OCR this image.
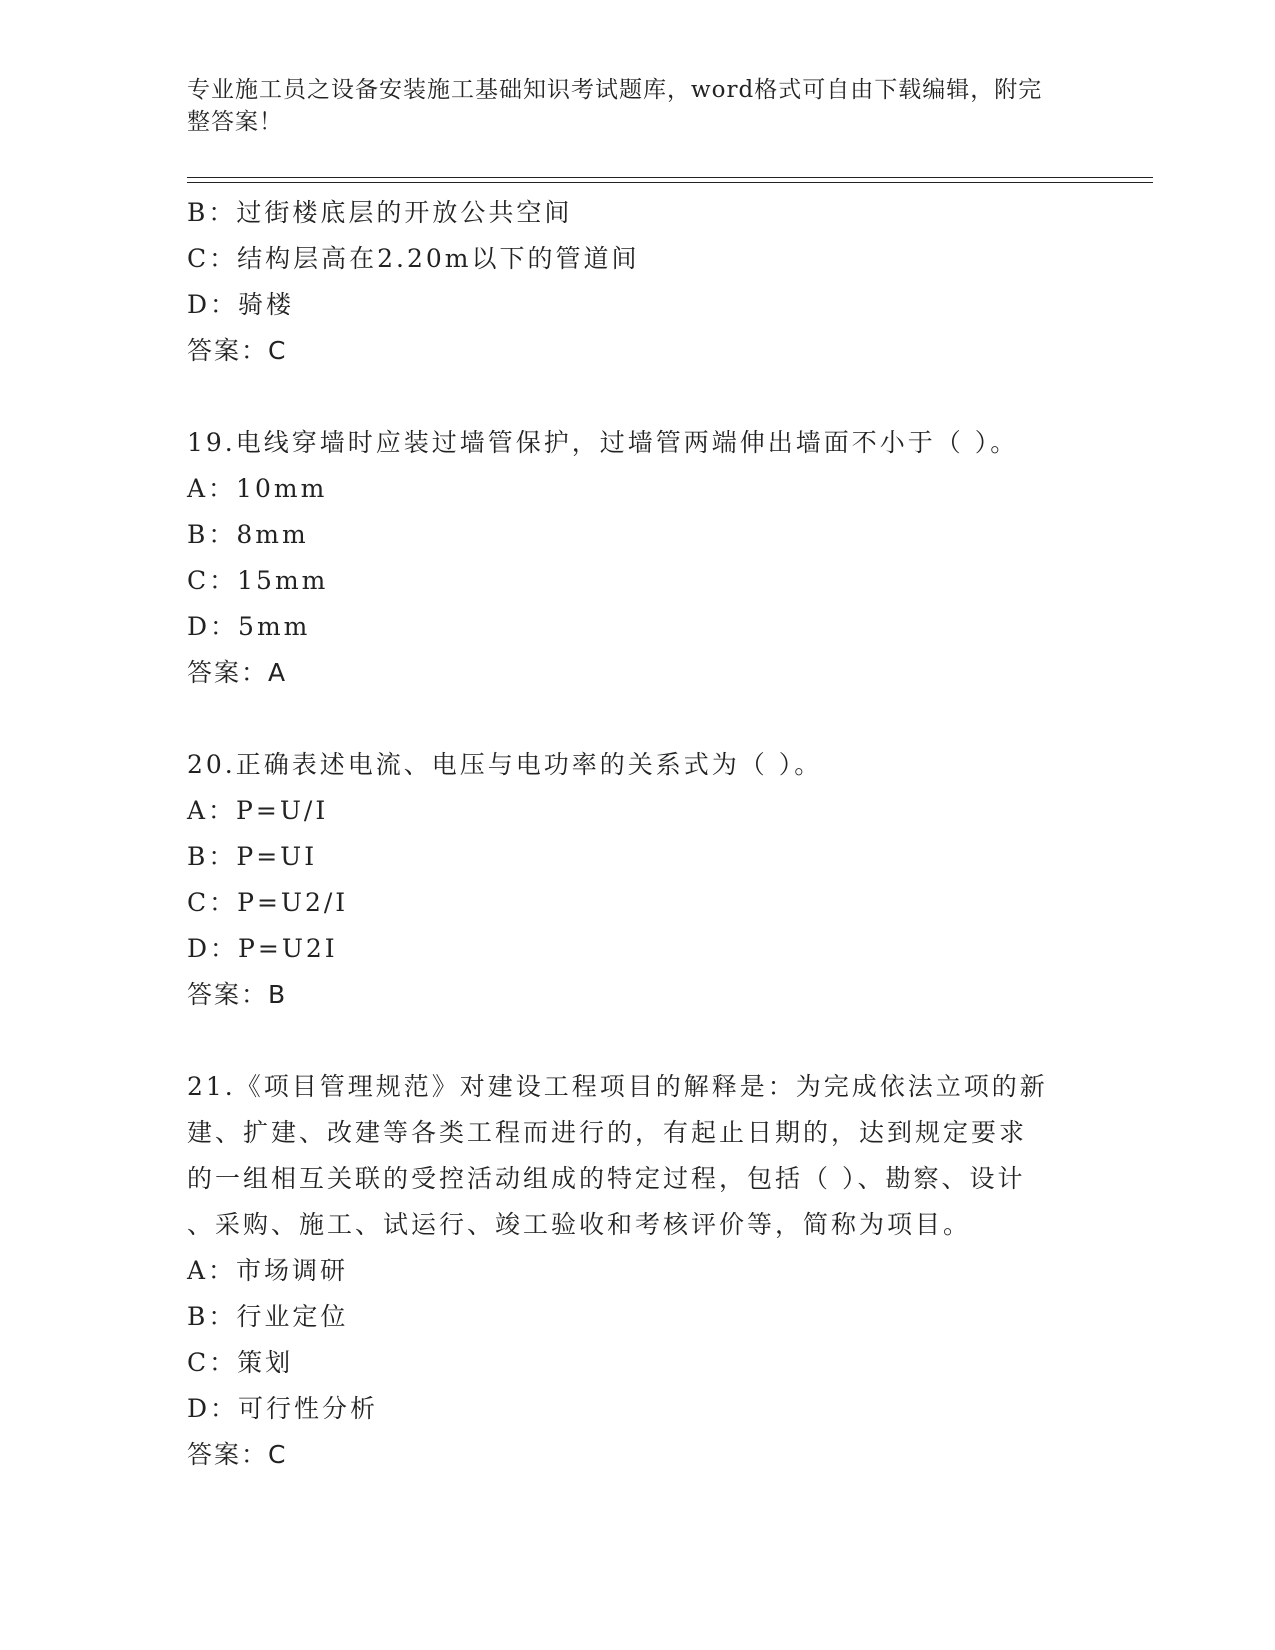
专业施工员之设备安装施工基础知识考试题库，word格式可自由下载编辑，附完
整答案！
B：过街楼底层的开放公共空间
C：结构层高在2.20m以下的管道间
D：骑楼
答案：C
19.电线穿墙时应装过墙管保护，过墙管两端伸出墙面不小于（ ）。
A：10mm
B：8mm
C：15mm
D：5mm
答案：A
20.正确表述电流、电压与电功率的关系式为（ ）。
A：P=U/I
B：P=UI
C：P=U2/I
D：P=U2I
答案：B
21.《项目管理规范》对建设工程项目的解释是：为完成依法立项的新
建、扩建、改建等各类工程而进行的，有起止日期的，达到规定要求
的一组相互关联的受控活动组成的特定过程，包括（ ）、勘察、设计
、采购、施工、试运行、竣工验收和考核评价等，简称为项目。
A：市场调研
B：行业定位
C：策划
D：可行性分析
答案：C
